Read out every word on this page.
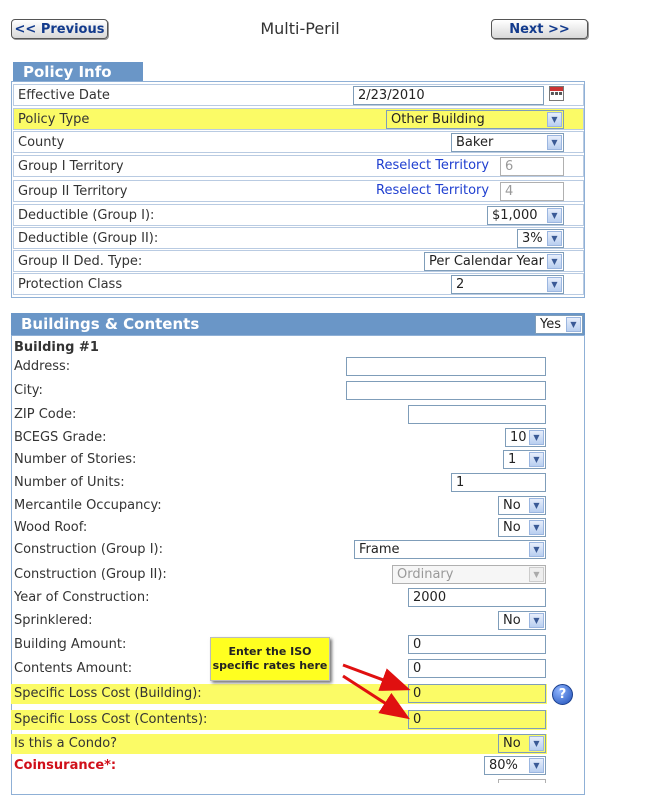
<< Previous	Multi-Peril	Next >>
Policy Info
Effective Date	2/23/2010	▪▪▪
Policy Type	Other Building	▼
County	Baker	▼
Group I Territory	Reselect Territory	6
Group II Territory	Reselect Territory	4
Deductible (Group I):	$1,000	▼
Deductible (Group II):	3%	▼
Group II Ded. Type:	Per Calendar Year ▼
Protection Class	2	▼
Buildings & Contents	Yes	▼
Building #1
Address:
City:
ZIP Code:
BCEGS Grade:	10 ▼
Number of Stories:	1	▼
Number of Units:	1
Mercantile Occupancy:	No	▼
Wood Roof:	No	▼
Construction (Group I):	Frame	▼
Construction (Group II):	Ordinary	▼
Year of Construction:	2000
Sprinklered:	No	▼
Building Amount:	0
Contents Amount:	0
Specific Loss Cost (Building):	0	?
Specific Loss Cost (Contents):	0
Is this a Condo?	No	▼
Coinsurance*:	80%	▼
Enter the ISO
specific rates here
